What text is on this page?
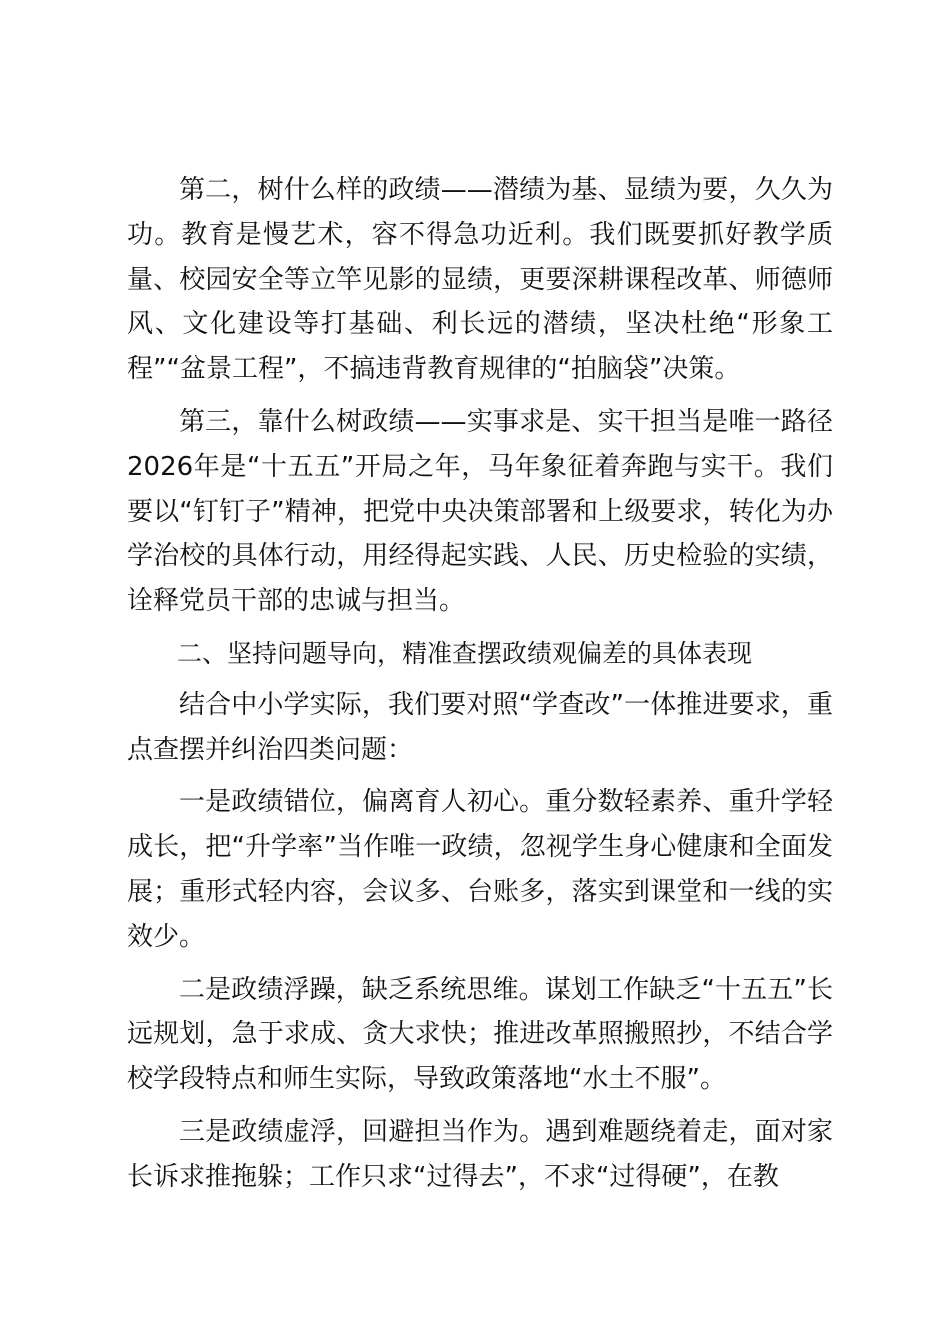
第二，树什么样的政绩——潜绩为基、显绩为要，久久为功。教育是慢艺术，容不得急功近利。我们既要抓好教学质量、校园安全等立竿见影的显绩，更要深耕课程改革、师德师风、文化建设等打基础、利长远的潜绩，坚决杜绝“形象工程”“盆景工程”，不搞违背教育规律的“拍脑袋”决策。

第三，靠什么树政绩——实事求是、实干担当是唯一路径2026年是“十五五”开局之年，马年象征着奔跑与实干。我们要以“钉钉子”精神，把党中央决策部署和上级要求，转化为办学治校的具体行动，用经得起实践、人民、历史检验的实绩，诠释党员干部的忠诚与担当。

二、坚持问题导向，精准查摆政绩观偏差的具体表现

结合中小学实际，我们要对照“学查改”一体推进要求，重点查摆并纠治四类问题：

一是政绩错位，偏离育人初心。重分数轻素养、重升学轻成长，把“升学率”当作唯一政绩，忽视学生身心健康和全面发展；重形式轻内容，会议多、台账多，落实到课堂和一线的实效少。

二是政绩浮躁，缺乏系统思维。谋划工作缺乏“十五五”长远规划，急于求成、贪大求快；推进改革照搬照抄，不结合学校学段特点和师生实际，导致政策落地“水土不服”。

三是政绩虚浮，回避担当作为。遇到难题绕着走，面对家长诉求推拖躲；工作只求“过得去”，不求“过得硬”，在教
